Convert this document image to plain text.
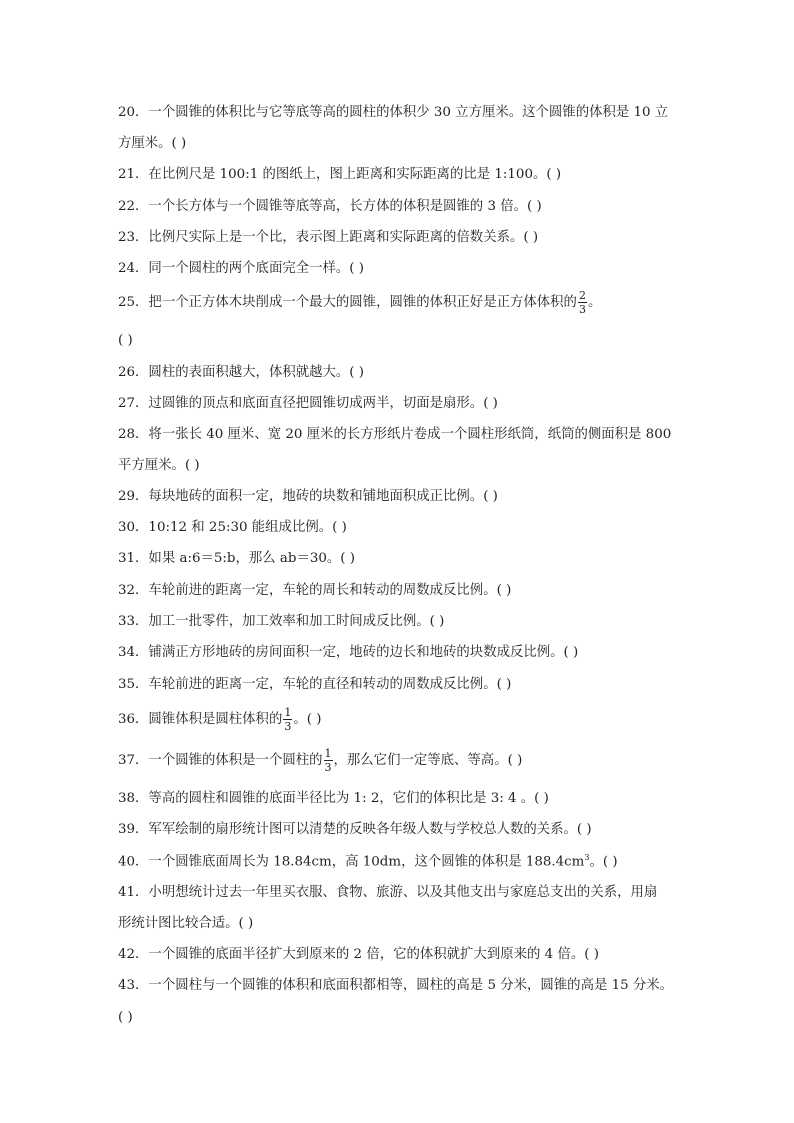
20．一个圆锥的体积比与它等底等高的圆柱的体积少 30 立方厘米。这个圆锥的体积是 10 立
方厘米。( )
21．在比例尺是 100:1 的图纸上，图上距离和实际距离的比是 1:100。( )
22．一个长方体与一个圆锥等底等高，长方体的体积是圆锥的 3 倍。( )
23．比例尺实际上是一个比，表示图上距离和实际距离的倍数关系。( )
24．同一个圆柱的两个底面完全一样。( )
25．把一个正方体木块削成一个最大的圆锥，圆锥的体积正好是正方体体积的 $\frac{2}{3}$ 。
( )
26．圆柱的表面积越大，体积就越大。( )
27．过圆锥的顶点和底面直径把圆锥切成两半，切面是扇形。( )
28．将一张长 40 厘米、宽 20 厘米的长方形纸片卷成一个圆柱形纸筒，纸筒的侧面积是 800
平方厘米。( )
29．每块地砖的面积一定，地砖的块数和铺地面积成正比例。( )
30．10:12 和 25:30 能组成比例。( )
31．如果 a:6＝5:b，那么 ab＝30。( )
32．车轮前进的距离一定，车轮的周长和转动的周数成反比例。( )
33．加工一批零件，加工效率和加工时间成反比例。( )
34．铺满正方形地砖的房间面积一定，地砖的边长和地砖的块数成反比例。( )
35．车轮前进的距离一定，车轮的直径和转动的周数成反比例。( )
36．圆锥体积是圆柱体积的 $\frac{1}{3}$ 。( )
37．一个圆锥的体积是一个圆柱的 $\frac{1}{3}$ ，那么它们一定等底、等高。( )
38．等高的圆柱和圆锥的底面半径比为 1: 2，它们的体积比是 3: 4 。( )
39．军军绘制的扇形统计图可以清楚的反映各年级人数与学校总人数的关系。( )
40．一个圆锥底面周长为 18.84cm，高 10dm，这个圆锥的体积是 $188.4cm^3$。( )
41．小明想统计过去一年里买衣服、食物、旅游、以及其他支出与家庭总支出的关系，用扇
形统计图比较合适。( )
42．一个圆锥的底面半径扩大到原来的 2 倍，它的体积就扩大到原来的 4 倍。( )
43．一个圆柱与一个圆锥的体积和底面积都相等，圆柱的高是 5 分米，圆锥的高是 15 分米。
( )
